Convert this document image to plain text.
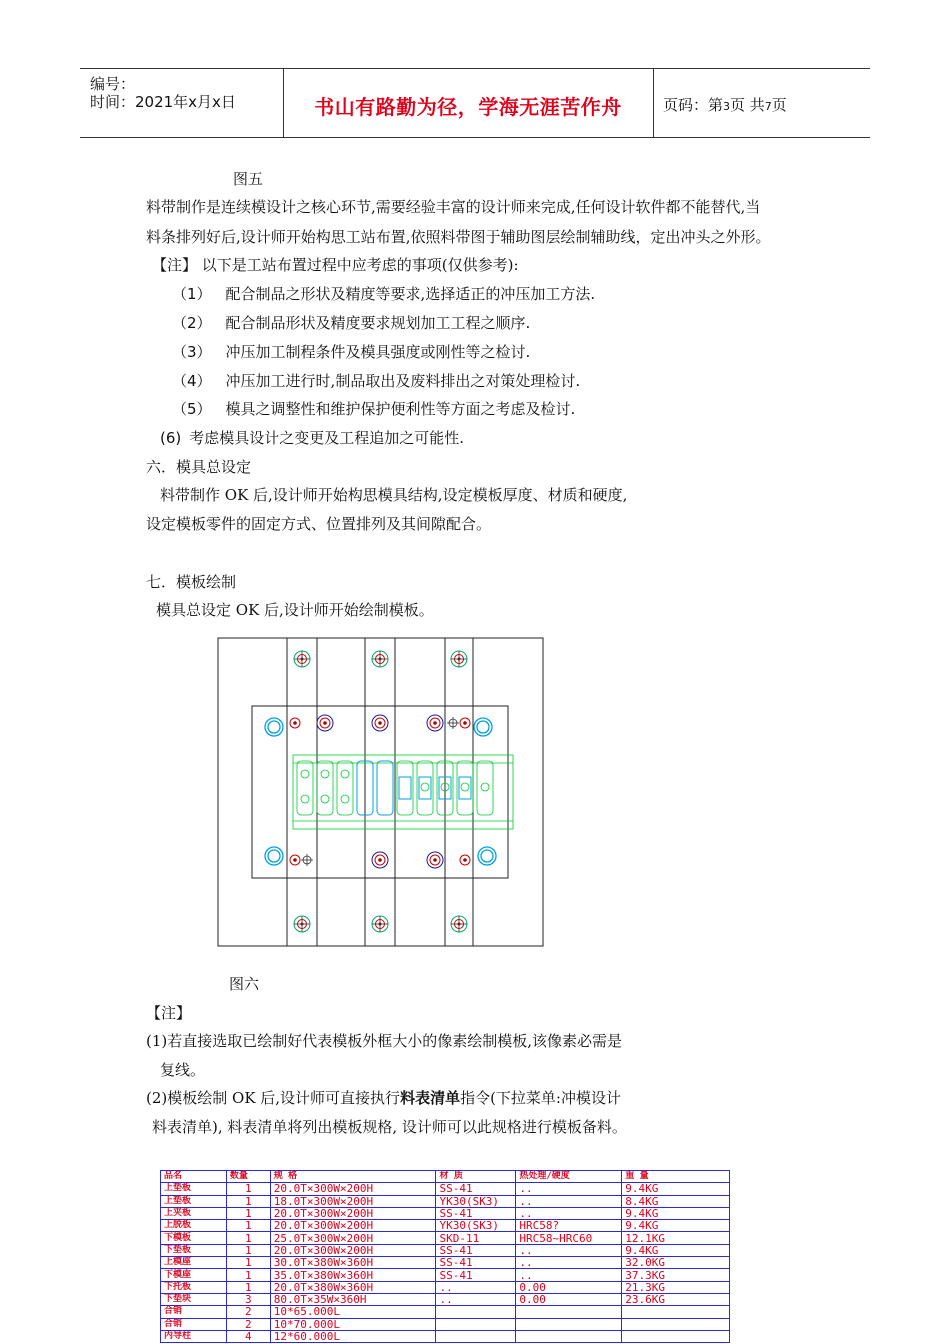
编号：
时间：2021年x月x日	书山有路勤为径，学海无涯苦作舟	页码：第3页 共7页
图五
料带制作是连续模设计之核心环节,需要经验丰富的设计师来完成,任何设计软件都不能替代,当
料条排列好后,设计师开始构思工站布置,依照料带图于辅助图层绘制辅助线，定出冲头之外形。
【注】 以下是工站布置过程中应考虑的事项(仅供参考):
（1） 配合制品之形状及精度等要求,选择适正的冲压加工方法.
（2） 配合制品形状及精度要求规划加工工程之顺序.
（3） 冲压加工制程条件及模具强度或刚性等之检讨.
（4） 冲压加工进行时,制品取出及废料排出之对策处理检讨.
（5） 模具之调整性和维护保护便利性等方面之考虑及检讨.
(6) 考虑模具设计之变更及工程追加之可能性.
六．模具总设定
料带制作 OK 后,设计师开始构思模具结构,设定模板厚度、材质和硬度,
设定模板零件的固定方式、位置排列及其间隙配合。
七．模板绘制
模具总设定 OK 后,设计师开始绘制模板。
图六
【注】
(1)若直接选取已绘制好代表模板外框大小的像素绘制模板,该像素必需是
复线。
(2)模板绘制 OK 后,设计师可直接执行料表清单指令(下拉菜单:冲模设计
料表清单), 料表清单将列出模板规格, 设计师可以此规格进行模板备料。
品名	数量	规 格	材 质	热处理/硬度	重 量
上垫板	1	20.0T×300W×200H	SS-41	..	9.4KG
上垫板	1	18.0T×300W×200H	YK30(SK3)	..	8.4KG
上夹板	1	20.0T×300W×200H	SS-41	..	9.4KG
上脱板	1	20.0T×300W×200H	YK30(SK3)	HRC58?	9.4KG
下模板	1	25.0T×300W×200H	SKD-11	HRC58~HRC60	12.1KG
下垫板	1	20.0T×300W×200H	SS-41	..	9.4KG
上模座	1	30.0T×380W×360H	SS-41	..	32.0KG
下模座	1	35.0T×380W×360H	SS-41	..	37.3KG
下托板	1	20.0T×380W×360H	..	0.00	21.3KG
下垫块	3	80.0T×35W×360H	..	0.00	23.6KG
合销	2	10*65.000L			
合销	2	10*70.000L			
内导柱	4	12*60.000L			
